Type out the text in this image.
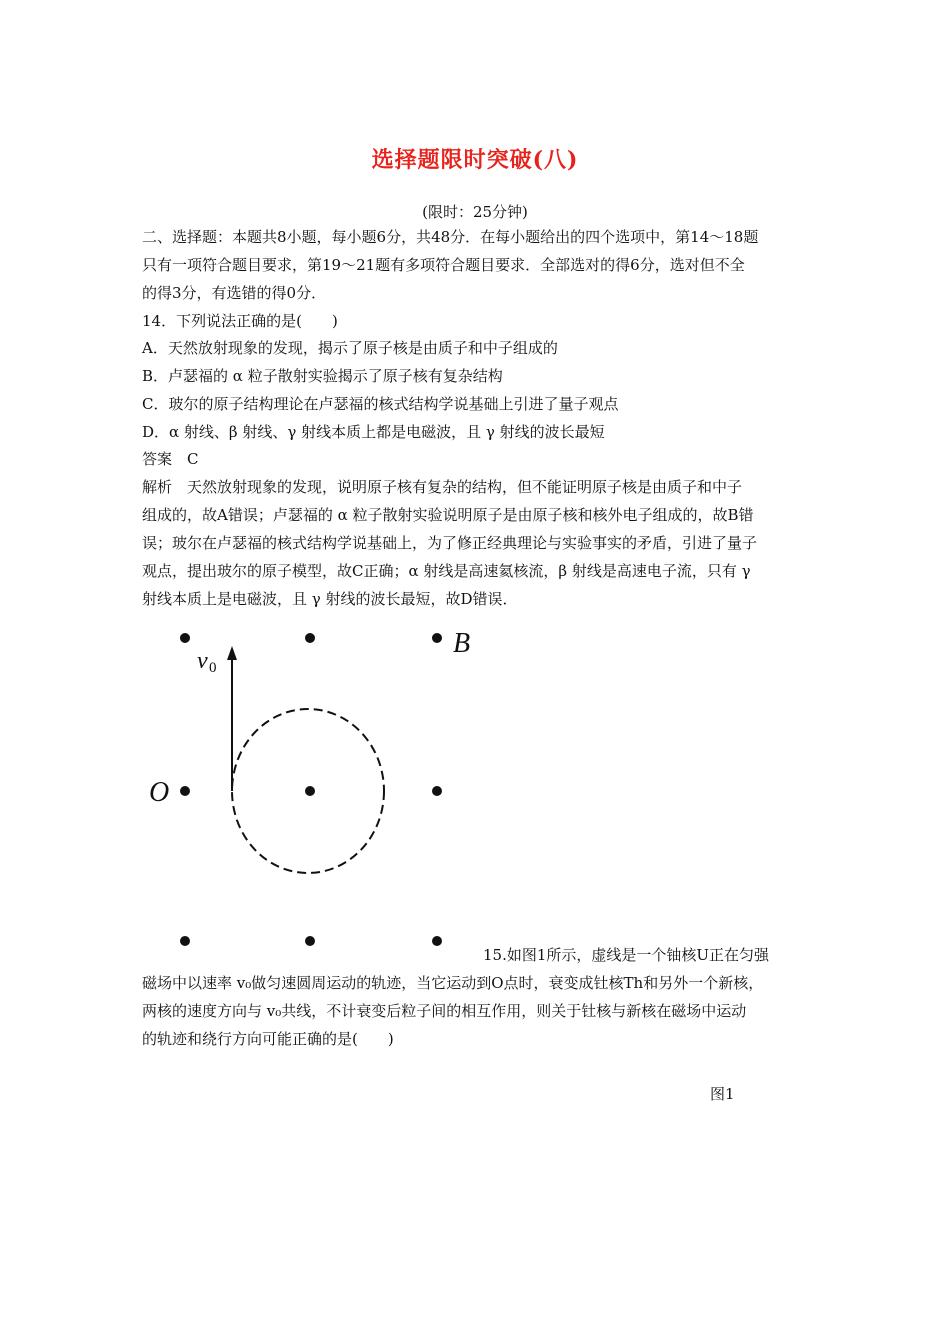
选择题限时突破(八)
(限时：25分钟)
二、选择题：本题共8小题，每小题6分，共48分．在每小题给出的四个选项中，第14～18题
只有一项符合题目要求，第19～21题有多项符合题目要求．全部选对的得6分，选对但不全
的得3分，有选错的得0分．
14．下列说法正确的是(　　)
A．天然放射现象的发现，揭示了原子核是由质子和中子组成的
B．卢瑟福的 α 粒子散射实验揭示了原子核有复杂结构
C．玻尔的原子结构理论在卢瑟福的核式结构学说基础上引进了量子观点
D．α 射线、β 射线、γ 射线本质上都是电磁波，且 γ 射线的波长最短
答案　C
解析　天然放射现象的发现，说明原子核有复杂的结构，但不能证明原子核是由质子和中子
组成的，故A错误；卢瑟福的 α 粒子散射实验说明原子是由原子核和核外电子组成的，故B错
误；玻尔在卢瑟福的核式结构学说基础上，为了修正经典理论与实验事实的矛盾，引进了量子
观点，提出玻尔的原子模型，故C正确；α 射线是高速氦核流，β 射线是高速电子流，只有 γ
射线本质上是电磁波，且 γ 射线的波长最短，故D错误．
v 0
B
O
15.如图1所示，虚线是一个铀核U正在匀强
磁场中以速率 v₀做匀速圆周运动的轨迹，当它运动到O点时，衰变成钍核Th和另外一个新核，
两核的速度方向与 v₀共线，不计衰变后粒子间的相互作用，则关于钍核与新核在磁场中运动
的轨迹和绕行方向可能正确的是(　　)
图1
